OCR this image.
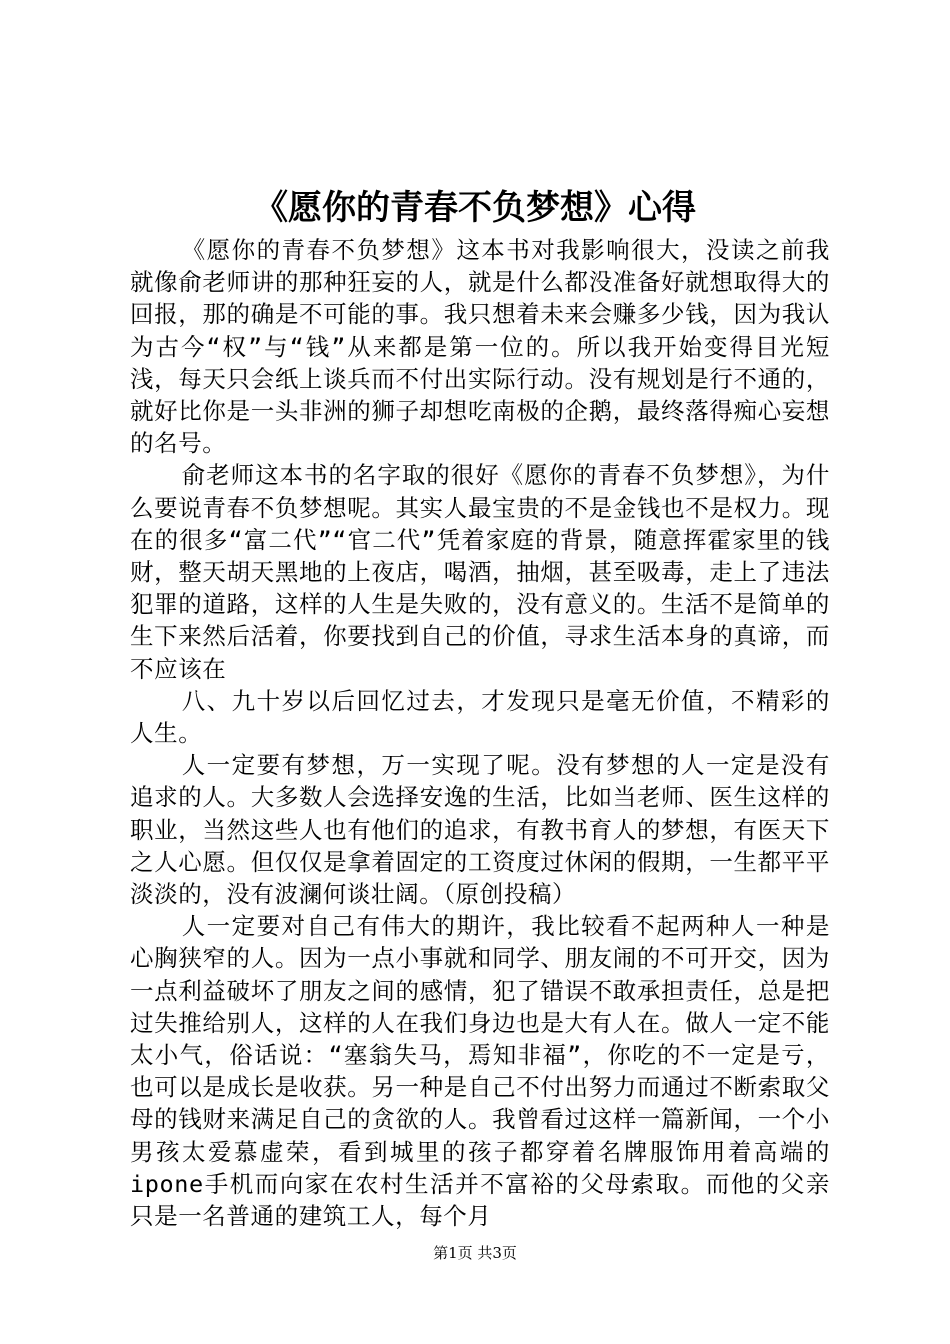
《愿你的青春不负梦想》心得

《愿你的青春不负梦想》这本书对我影响很大，没读之前我就像俞老师讲的那种狂妄的人，就是什么都没准备好就想取得大的回报，那的确是不可能的事。我只想着未来会赚多少钱，因为我认为古今“权”与“钱”从来都是第一位的。所以我开始变得目光短浅，每天只会纸上谈兵而不付出实际行动。没有规划是行不通的，就好比你是一头非洲的狮子却想吃南极的企鹅，最终落得痴心妄想的名号。

俞老师这本书的名字取的很好《愿你的青春不负梦想》，为什么要说青春不负梦想呢。其实人最宝贵的不是金钱也不是权力。现在的很多“富二代”“官二代”凭着家庭的背景，随意挥霍家里的钱财，整天胡天黑地的上夜店，喝酒，抽烟，甚至吸毒，走上了违法犯罪的道路，这样的人生是失败的，没有意义的。生活不是简单的生下来然后活着，你要找到自己的价值，寻求生活本身的真谛，而不应该在

八、九十岁以后回忆过去，才发现只是毫无价值，不精彩的人生。

人一定要有梦想，万一实现了呢。没有梦想的人一定是没有追求的人。大多数人会选择安逸的生活，比如当老师、医生这样的职业，当然这些人也有他们的追求，有教书育人的梦想，有医天下之人心愿。但仅仅是拿着固定的工资度过休闲的假期，一生都平平淡淡的，没有波澜何谈壮阔。（原创投稿）

人一定要对自己有伟大的期许，我比较看不起两种人一种是心胸狭窄的人。因为一点小事就和同学、朋友闹的不可开交，因为一点利益破坏了朋友之间的感情，犯了错误不敢承担责任，总是把过失推给别人，这样的人在我们身边也是大有人在。做人一定不能太小气，俗话说：“塞翁失马，焉知非福”，你吃的不一定是亏，也可以是成长是收获。另一种是自己不付出努力而通过不断索取父母的钱财来满足自己的贪欲的人。我曾看过这样一篇新闻，一个小男孩太爱慕虚荣，看到城里的孩子都穿着名牌服饰用着高端的ipone手机而向家在农村生活并不富裕的父母索取。而他的父亲只是一名普通的建筑工人，每个月

第1页 共3页
